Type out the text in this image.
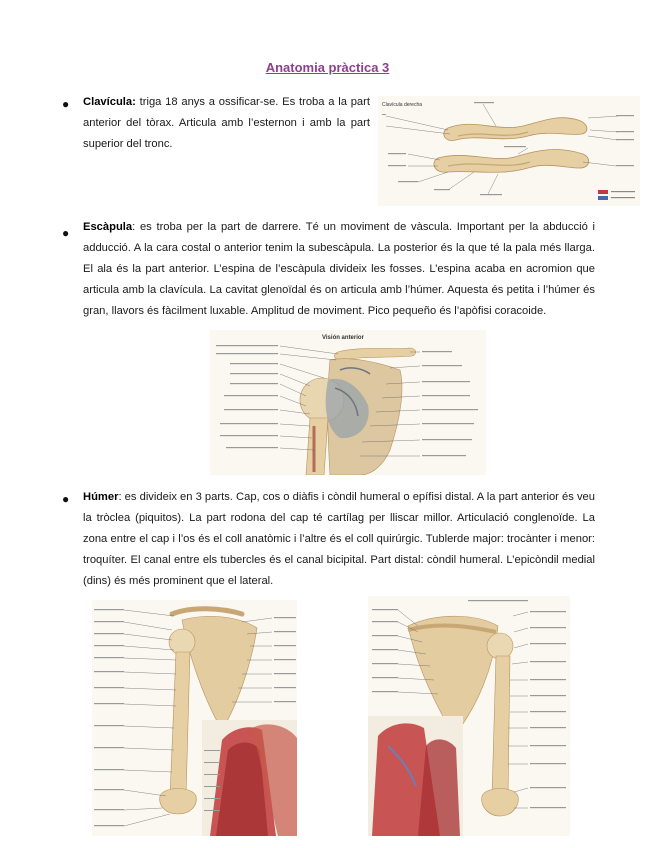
Anatomia pràctica 3
● Clavícula: triga 18 anys a ossificar-se. Es troba a la part anterior del tòrax. Articula amb l’esternon i amb la part superior del tronc.
Clavícula derecha
● Escàpula: es troba per la part de darrere. Té un moviment de vàscula. Important per la abducció i adducció. A la cara costal o anterior tenim la subescàpula. La posterior és la que té la pala més llarga. El ala és la part anterior. L’espina de l’escàpula divideix les fosses. L’espina acaba en acromion que articula amb la clavícula. La cavitat glenoïdal és on articula amb l’húmer. Aquesta és petita i l’húmer és gran, llavors és fàcilment luxable. Amplitud de moviment. Pico pequeño és l’apòfisi coracoide.
Visión anterior
● Húmer: es divideix en 3 parts. Cap, cos o diàfis i còndil humeral o epífisi distal. A la part anterior és veu la tròclea (piquitos). La part rodona del cap té cartílag per lliscar millor. Articulació conglenoïde. La zona entre el cap i l’os és el coll anatòmic i l’altre és el coll quirúrgic. Tublerde major: trocànter i menor: troquíter. El canal entre els tubercles és el canal bicipital. Part distal: còndil humeral. L’epicòndil medial (dins) és més prominent que el lateral.
